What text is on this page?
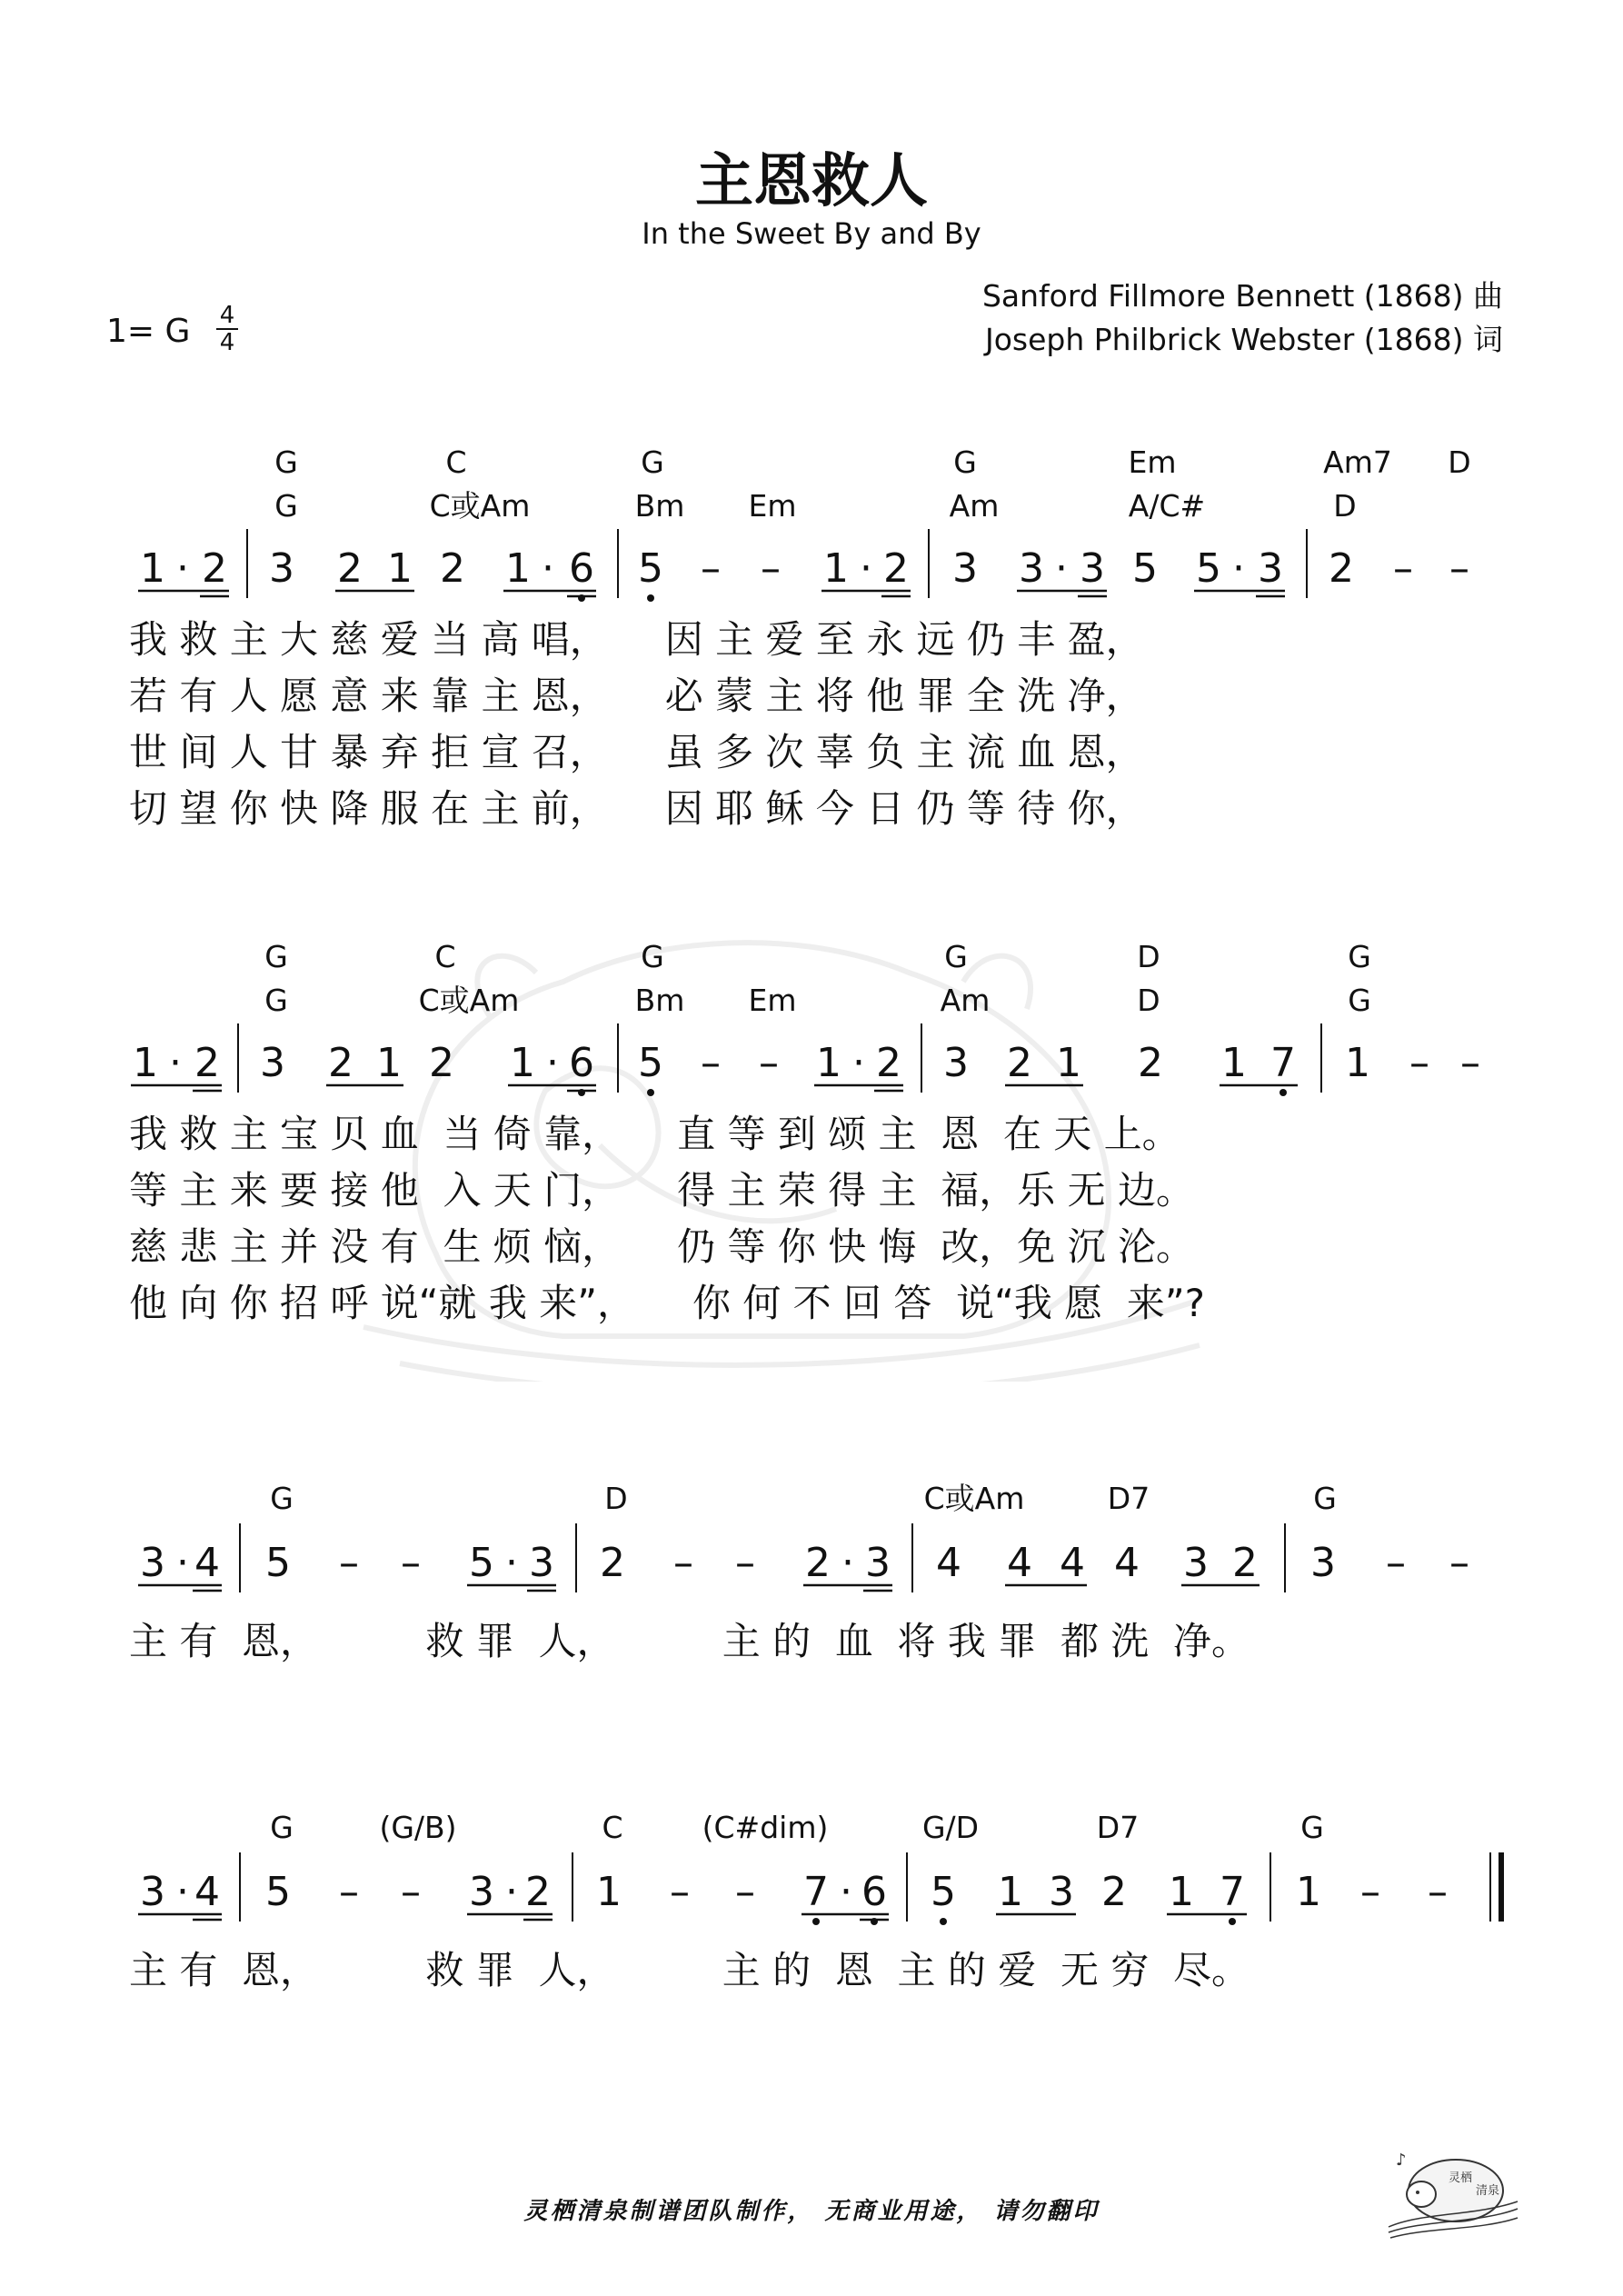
主恩救人
In the Sweet By and By
Sanford Fillmore Bennett (1868) 曲
Joseph Philbrick Webster (1868) 词
1= G 4
4
G	C	G	G	Em	Am7 D
G	C或Am	Bm Em	Am	A/C#	D
1 · 2 3 2 1 2 1 · 6 5 – – 1 · 2 3 3 · 3 5 5 · 3 2 – –
我 救 主 大 慈 爱 当 高 唱，　　因 主 爱 至 永 远 仍 丰 盈，
若 有 人 愿 意 来 靠 主 恩，　　必 蒙 主 将 他 罪 全 洗 净，
世 间 人 甘 暴 弃 拒 宣 召，　　虽 多 次 辜 负 主 流 血 恩，
切 望 你 快 降 服 在 主 前，　　因 耶 稣 今 日 仍 等 待 你，
G	C	G	G	D	G
G	C或Am	Bm Em	Am	D	G
1 · 2 3 2 1 2 1 · 6 5 – – 1 · 2 3 2 1 2 1 7 1 – –
我 救 主 宝 贝 血  当 倚 靠，　　直 等 到 颂 主  恩  在 天 上。
等 主 来 要 接 他  入 天 门，　　得 主 荣 得 主  福，乐 无 边。
慈 悲 主 并 没 有  生 烦 恼，　　仍 等 你 快 悔  改，免 沉 沦。
他 向 你 招 呼 说“就 我 来”，　　你 何 不 回 答  说“我 愿  来”?
G	D	C或Am	D7	G
3 · 4 5 – – 5 · 3 2 – – 2 · 3 4 4 4 4 3 2 3 – –
主 有  恩，　　　 救 罪  人，　　　 主 的  血  将 我 罪  都 洗  净。
G	(G/B)	C	(C#dim)	G/D	D7	G
3 · 4 5 – – 3 · 2 1 – – 7 · 6 5 1 3 2 1 7 1 – –
主 有  恩，　　　 救 罪  人，　　　 主 的  恩  主 的 爱  无 穷  尽。
灵栖清泉制谱团队制作， 无商业用途， 请勿翻印
♪
灵栖
清泉
